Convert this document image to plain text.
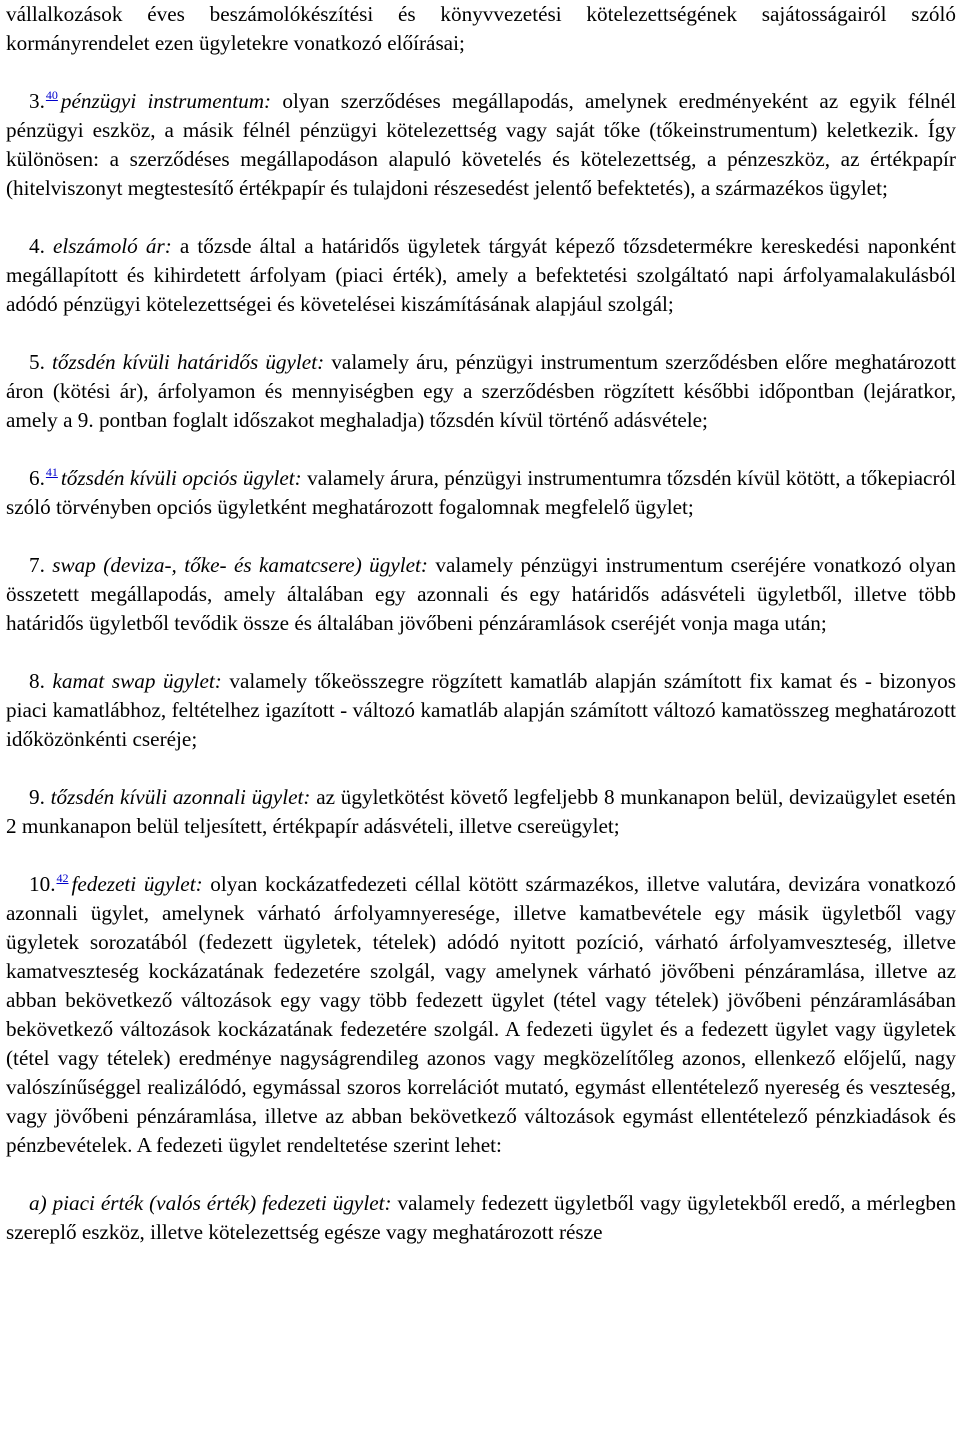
vállalkozások éves beszámolókészítési és könyvvezetési kötelezettségének sajátosságairól szóló kormányrendelet ezen ügyletekre vonatkozó előírásai;

3.40 pénzügyi instrumentum: olyan szerződéses megállapodás, amelynek eredményeként az egyik félnél pénzügyi eszköz, a másik félnél pénzügyi kötelezettség vagy saját tőke (tőkeinstrumentum) keletkezik. Így különösen: a szerződéses megállapodáson alapuló követelés és kötelezettség, a pénzeszköz, az értékpapír (hitelviszonyt megtestesítő értékpapír és tulajdoni részesedést jelentő befektetés), a származékos ügylet;

4. elszámoló ár: a tőzsde által a határidős ügyletek tárgyát képező tőzsdetermékre kereskedési naponként megállapított és kihirdetett árfolyam (piaci érték), amely a befektetési szolgáltató napi árfolyamalakulásból adódó pénzügyi kötelezettségei és követelései kiszámításának alapjául szolgál;

5. tőzsdén kívüli határidős ügylet: valamely áru, pénzügyi instrumentum szerződésben előre meghatározott áron (kötési ár), árfolyamon és mennyiségben egy a szerződésben rögzített későbbi időpontban (lejáratkor, amely a 9. pontban foglalt időszakot meghaladja) tőzsdén kívül történő adásvétele;

6.41 tőzsdén kívüli opciós ügylet: valamely árura, pénzügyi instrumentumra tőzsdén kívül kötött, a tőkepiacról szóló törvényben opciós ügyletként meghatározott fogalomnak megfelelő ügylet;

7. swap (deviza-, tőke- és kamatcsere) ügylet: valamely pénzügyi instrumentum cseréjére vonatkozó olyan összetett megállapodás, amely általában egy azonnali és egy határidős adásvételi ügyletből, illetve több határidős ügyletből tevődik össze és általában jövőbeni pénzáramlások cseréjét vonja maga után;

8. kamat swap ügylet: valamely tőkeösszegre rögzített kamatláb alapján számított fix kamat és - bizonyos piaci kamatlábhoz, feltételhez igazított - változó kamatláb alapján számított változó kamatösszeg meghatározott időközönkénti cseréje;

9. tőzsdén kívüli azonnali ügylet: az ügyletkötést követő legfeljebb 8 munkanapon belül, devizaügylet esetén 2 munkanapon belül teljesített, értékpapír adásvételi, illetve csereügylet;

10.42 fedezeti ügylet: olyan kockázatfedezeti céllal kötött származékos, illetve valutára, devizára vonatkozó azonnali ügylet, amelynek várható árfolyamnyeresége, illetve kamatbevétele egy másik ügyletből vagy ügyletek sorozatából (fedezett ügyletek, tételek) adódó nyitott pozíció, várható árfolyamveszteség, illetve kamatveszteség kockázatának fedezetére szolgál, vagy amelynek várható jövőbeni pénzáramlása, illetve az abban bekövetkező változások egy vagy több fedezett ügylet (tétel vagy tételek) jövőbeni pénzáramlásában bekövetkező változások kockázatának fedezetére szolgál. A fedezeti ügylet és a fedezett ügylet vagy ügyletek (tétel vagy tételek) eredménye nagyságrendileg azonos vagy megközelítőleg azonos, ellenkező előjelű, nagy valószínűséggel realizálódó, egymással szoros korrelációt mutató, egymást ellentételező nyereség és veszteség, vagy jövőbeni pénzáramlása, illetve az abban bekövetkező változások egymást ellentételező pénzkiadások és pénzbevételek. A fedezeti ügylet rendeltetése szerint lehet:

a) piaci érték (valós érték) fedezeti ügylet: valamely fedezett ügyletből vagy ügyletekből eredő, a mérlegben szereplő eszköz, illetve kötelezettség egésze vagy meghatározott része
